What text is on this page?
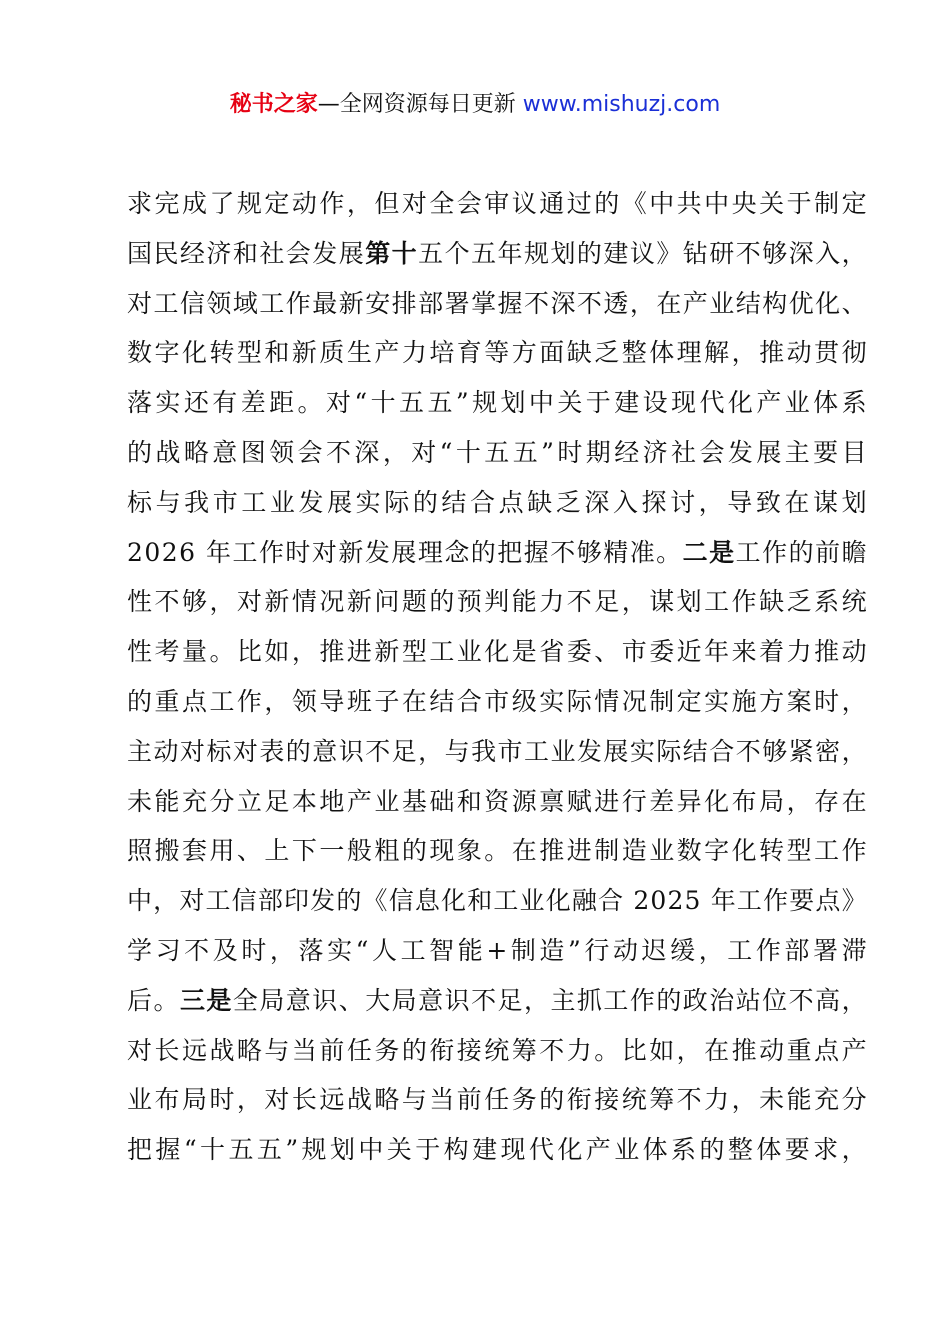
秘书之家—全网资源每日更新 www.mishuzj.com
求完成了规定动作，但对全会审议通过的《中共中央关于制定
国民经济和社会发展第十五个五年规划的建议》钻研不够深入，
对工信领域工作最新安排部署掌握不深不透，在产业结构优化、
数字化转型和新质生产力培育等方面缺乏整体理解，推动贯彻
落实还有差距。对“十五五”规划中关于建设现代化产业体系
的战略意图领会不深，对“十五五”时期经济社会发展主要目
标与我市工业发展实际的结合点缺乏深入探讨，导致在谋划
2026 年工作时对新发展理念的把握不够精准。二是工作的前瞻
性不够，对新情况新问题的预判能力不足，谋划工作缺乏系统
性考量。比如，推进新型工业化是省委、市委近年来着力推动
的重点工作，领导班子在结合市级实际情况制定实施方案时，
主动对标对表的意识不足，与我市工业发展实际结合不够紧密，
未能充分立足本地产业基础和资源禀赋进行差异化布局，存在
照搬套用、上下一般粗的现象。在推进制造业数字化转型工作
中，对工信部印发的《信息化和工业化融合 2025 年工作要点》
学习不及时，落实“人工智能+制造”行动迟缓，工作部署滞
后。三是全局意识、大局意识不足，主抓工作的政治站位不高，
对长远战略与当前任务的衔接统筹不力。比如，在推动重点产
业布局时，对长远战略与当前任务的衔接统筹不力，未能充分
把握“十五五”规划中关于构建现代化产业体系的整体要求，
